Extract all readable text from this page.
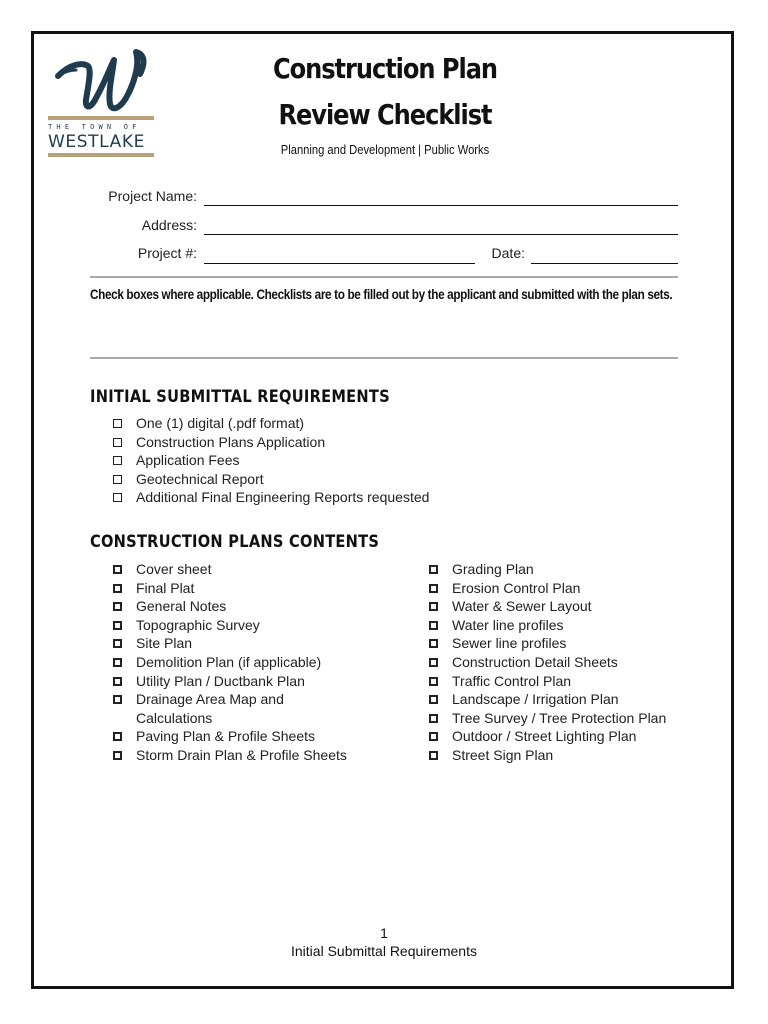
THE TOWN OF
WESTLAKE
Construction Plan
Review Checklist
Planning and Development | Public Works
Project Name:
Address:
Project #:	Date:
Check boxes where applicable. Checklists are to be filled out by the applicant and submitted with the plan sets.
INITIAL SUBMITTAL REQUIREMENTS
One (1) digital (.pdf format)
Construction Plans Application
Application Fees
Geotechnical Report
Additional Final Engineering Reports requested
CONSTRUCTION PLANS CONTENTS
Cover sheet
Final Plat
General Notes
Topographic Survey
Site Plan
Demolition Plan (if applicable)
Utility Plan / Ductbank Plan
Drainage Area Map and Calculations
Paving Plan & Profile Sheets
Storm Drain Plan & Profile Sheets
Grading Plan
Erosion Control Plan
Water & Sewer Layout
Water line profiles
Sewer line profiles
Construction Detail Sheets
Traffic Control Plan
Landscape / Irrigation Plan
Tree Survey / Tree Protection Plan
Outdoor / Street Lighting Plan
Street Sign Plan
1
Initial Submittal Requirements
